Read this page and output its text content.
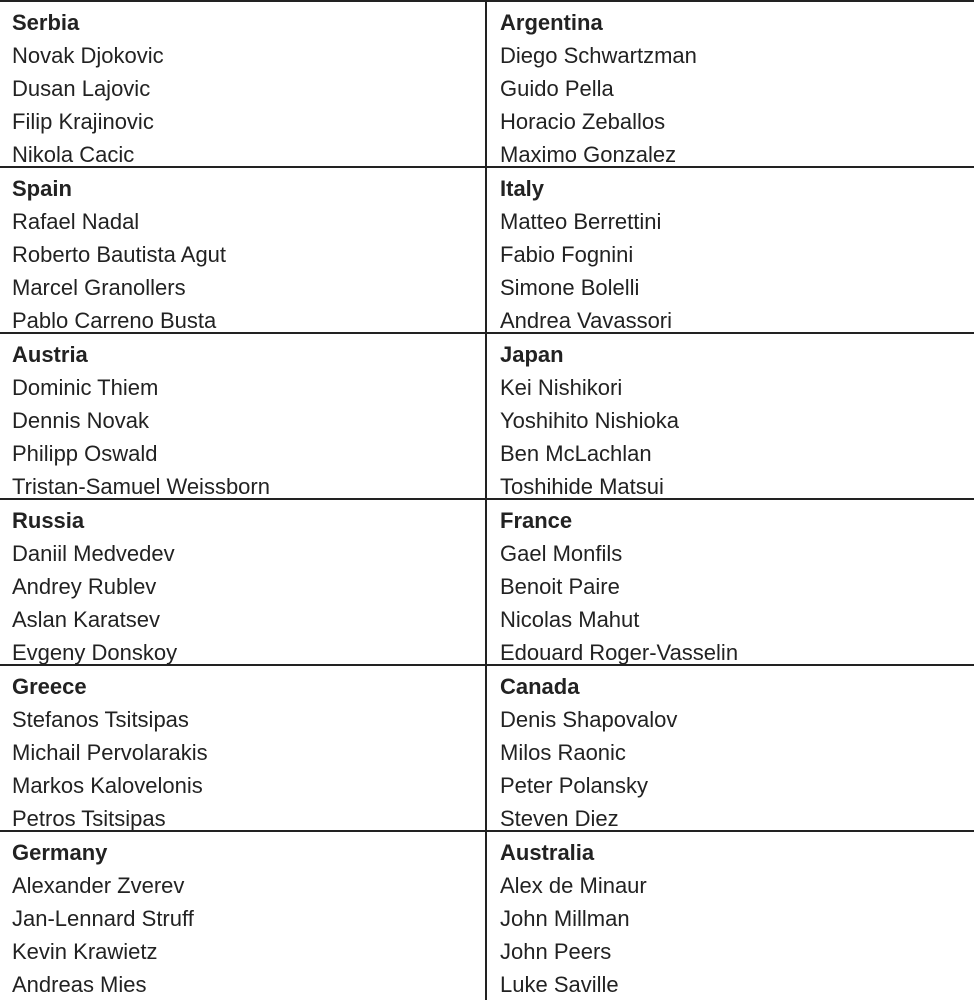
Serbia
Novak Djokovic
Dusan Lajovic
Filip Krajinovic
Nikola Cacic
Argentina
Diego Schwartzman
Guido Pella
Horacio Zeballos
Maximo Gonzalez
Spain
Rafael Nadal
Roberto Bautista Agut
Marcel Granollers
Pablo Carreno Busta
Italy
Matteo Berrettini
Fabio Fognini
Simone Bolelli
Andrea Vavassori
Austria
Dominic Thiem
Dennis Novak
Philipp Oswald
Tristan-Samuel Weissborn
Japan
Kei Nishikori
Yoshihito Nishioka
Ben McLachlan
Toshihide Matsui
Russia
Daniil Medvedev
Andrey Rublev
Aslan Karatsev
Evgeny Donskoy
France
Gael Monfils
Benoit Paire
Nicolas Mahut
Edouard Roger-Vasselin
Greece
Stefanos Tsitsipas
Michail Pervolarakis
Markos Kalovelonis
Petros Tsitsipas
Canada
Denis Shapovalov
Milos Raonic
Peter Polansky
Steven Diez
Germany
Alexander Zverev
Jan-Lennard Struff
Kevin Krawietz
Andreas Mies
Australia
Alex de Minaur
John Millman
John Peers
Luke Saville
